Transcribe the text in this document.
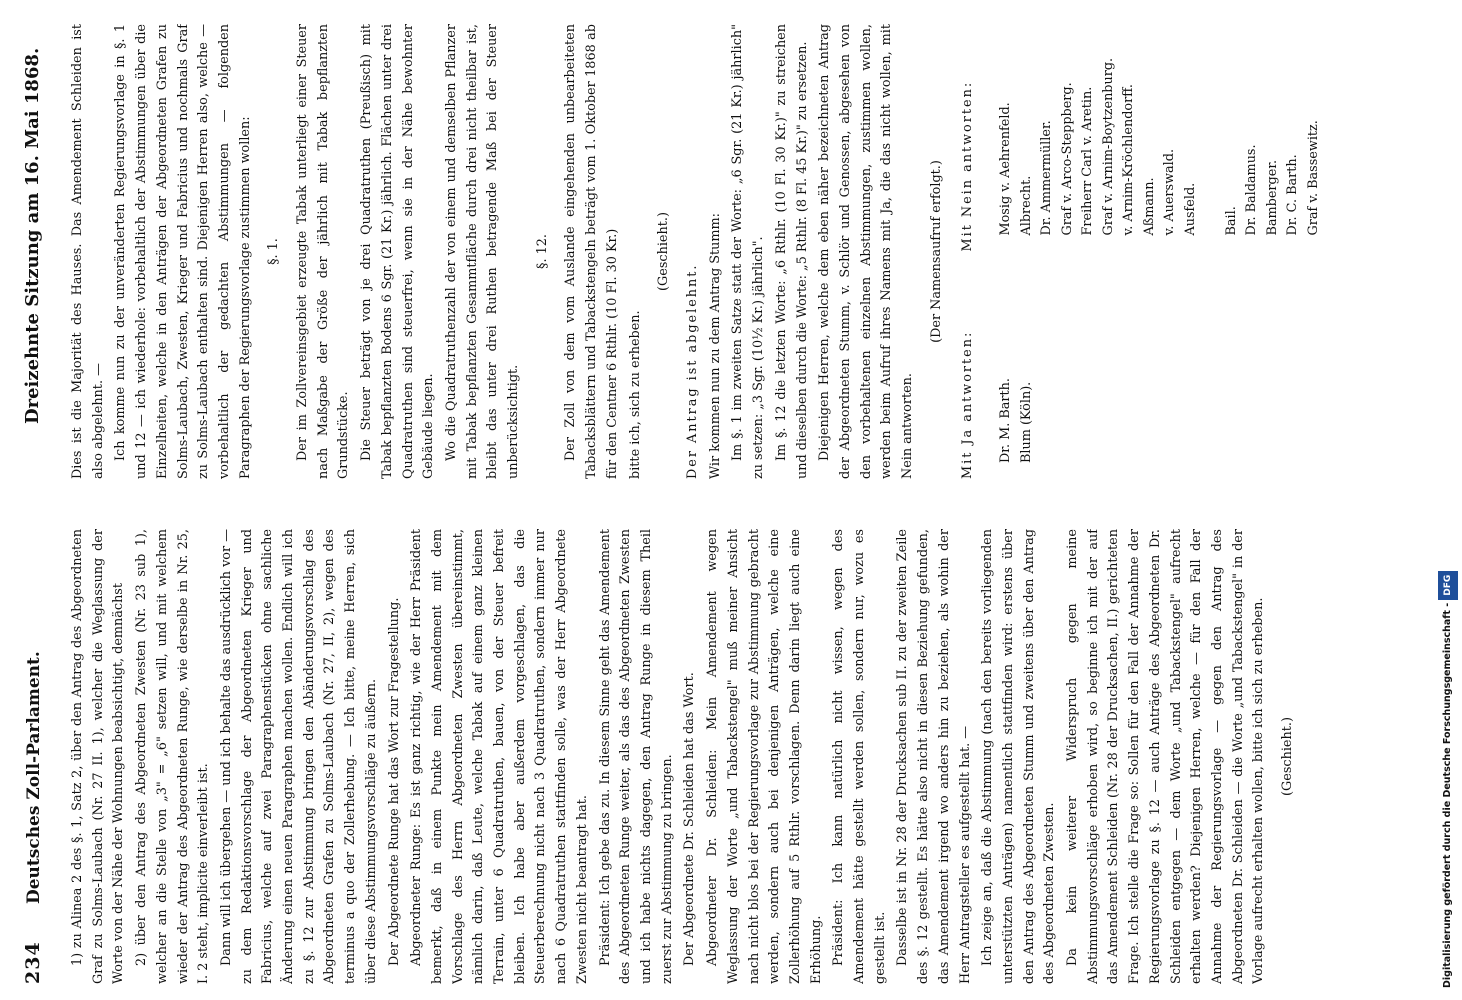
234
Deutsches Zoll-Parlament.
Dreizehnte Sitzung am 16. Mai 1868.

1) zu Alinea 2 des §. 1, Satz 2, über den Antrag des Abgeordneten Graf zu Solms-Laubach (Nr. 27 II. 1), welcher die Weglassung der Worte von der Nähe der Wohnungen beabsichtigt, demnächst 2) über den Antrag des Abgeordneten Zwesten (Nr. 23 sub 1), welcher an die Stelle von „3" = „6" setzen will, und mit welchem wieder der Antrag des Abgeordneten Runge, wie derselbe in Nr. 25, I. 2 steht, implicite einverleibt ist. Dann will ich übergehen — und ich behalte das ausdrücklich vor — zu dem Redaktionsvorschlage der Abgeordneten Krieger und Fabricius, welche auf zwei Paragraphenstücken ohne sachliche Änderung einen neuen Paragraphen machen wollen. Endlich will ich zu §. 12 zur Abstimmung bringen den Abänderungsvorschlag des Abgeordneten Grafen zu Solms-Laubach (Nr. 27, II, 2), wegen des terminus a quo der Zollerhebung. — Ich bitte, meine Herren, sich über diese Abstimmungsvorschläge zu äußern. Der Abgeordnete Runge hat das Wort zur Fragestellung. Abgeordneter Runge: Es ist ganz richtig, wie der Herr Präsident bemerkt, daß in einem Punkte mein Amendement mit dem Vorschlage des Herrn Abgeordneten Zwesten übereinstimmt, nämlich darin, daß Leute, welche Tabak auf einem ganz kleinen Terrain, unter 6 Quadratruthen, bauen, von der Steuer befreit bleiben. Ich habe aber außerdem vorgeschlagen, das die Steuerberechnung nicht nach 3 Quadratruthen, sondern immer nur nach 6 Quadratruthen stattfinden solle, was der Herr Abgeordnete Zwesten nicht beantragt hat. Präsident: Ich gebe das zu. In diesem Sinne geht das Amendement des Abgeordneten Runge weiter, als das des Abgeordneten Zwesten und ich habe nichts dagegen, den Antrag Runge in diesem Theil zuerst zur Abstimmung zu bringen. Der Abgeordnete Dr. Schleiden hat das Wort. Abgeordneter Dr. Schleiden: Mein Amendement wegen Weglassung der Worte „und Tabackstengel" muß meiner Ansicht nach nicht blos bei der Regierungsvorlage zur Abstimmung gebracht werden, sondern auch bei denjenigen Anträgen, welche eine Zollerhöhung auf 5 Rthlr. vorschlagen. Denn darin liegt auch eine Erhöhung. Präsident: Ich kann natürlich nicht wissen, wegen des Amendement hätte gestellt werden sollen, sondern nur, wozu es gestellt ist. Dasselbe ist in Nr. 28 der Drucksachen sub II. zu der zweiten Zeile des §. 12 gestellt. Es hätte also nicht in diesen Beziehung gefunden, das Amendement irgend wo anders hin zu beziehen, als wohin der Herr Antragsteller es aufgestellt hat. — Ich zeige an, daß die Abstimmung (nach den bereits vorliegenden unterstützten Anträgen) namentlich stattfinden wird: erstens über den Antrag des Abgeordneten Stumm und zweitens über den Antrag des Abgeordneten Zwesten. Da kein weiterer Widerspruch gegen meine Abstimmungsvorschläge erhoben wird, so beginne ich mit der auf das Amendement Schleiden (Nr. 28 der Drucksachen, II.) gerichteten Frage. Ich stelle die Frage so: Sollen für den Fall der Annahme der Regierungsvorlage zu §. 12 — auch Anträge des Abgeordneten Dr. Schleiden entgegen — dem Worte „und Tabackstengel" aufrecht erhalten werden? Diejenigen Herren, welche — für den Fall der Annahme der Regierungsvorlage — gegen den Antrag des Abgeordneten Dr. Schleiden — die Worte „und Tabackstengel" in der Vorlage aufrecht erhalten wollen, bitte ich sich zu erheben. (Geschieht.)

Dies ist die Majorität des Hauses. Das Amendement Schleiden ist also abgelehnt. — Ich komme nun zu der unveränderten Regierungsvorlage in §. 1 und 12 — ich wiederhole: vorbehaltlich der Abstimmungen über die Einzelheiten, welche in den Anträgen der Abgeordneten Grafen zu Solms-Laubach, Zwesten, Krieger und Fabricius und nochmals Graf zu Solms-Laubach enthalten sind. Diejenigen Herren also, welche — vorbehaltlich der gedachten Abstimmungen — folgenden Paragraphen der Regierungsvorlage zustimmen wollen: §. 1. Der im Zollvereinsgebiet erzeugte Tabak unterliegt einer Steuer nach Maßgabe der Größe der jährlich mit Tabak bepflanzten Grundstücke. Die Steuer beträgt von je drei Quadratruthen (Preußisch) mit Tabak bepflanzten Bodens 6 Sgr. (21 Kr.) jährlich. Flächen unter drei Quadratruthen sind steuerfrei, wenn sie in der Nähe bewohnter Gebäude liegen. Wo die Quadratruthenzahl der von einem und demselben Pflanzer mit Tabak bepflanzten Gesammtfläche durch drei nicht theilbar ist, bleibt das unter drei Ruthen betragende Maß bei der Steuer unberücksichtigt.

§. 12. Der Zoll von dem vom Auslande eingehenden unbearbeiteten Tabacksblättern und Tabackstengeln beträgt vom 1. Oktober 1868 ab für den Centner 6 Rthlr. (10 Fl. 30 Kr.) bitte ich, sich zu erheben.

(Geschieht.)

Der Antrag ist abgelehnt. Wir kommen nun zu dem Antrag Stumm: Im §. 1 im zweiten Satze statt der Worte: „6 Sgr. (21 Kr.) jährlich" zu setzen: „3 Sgr. (10½ Kr.) jährlich". Im §. 12 die letzten Worte: „6 Rthlr. (10 Fl. 30 Kr.)" zu streichen und dieselben durch die Worte: „5 Rthlr. (8 Fl. 45 Kr.)" zu ersetzen. Diejenigen Herren, welche dem eben näher bezeichneten Antrag der Abgeordneten Stumm, v. Schlör und Genossen, abgesehen von den vorbehaltenen einzelnen Abstimmungen, zustimmen wollen, werden beim Aufruf ihres Namens mit Ja, die das nicht wollen, mit Nein antworten.

(Der Namensaufruf erfolgt.)

Mit Ja antworten: Dr. M. Barth. Blum (Köln).
Mit Nein antworten: Mosig v. Aehrenfeld. Albrecht. Dr. Ammermüller. Graf v. Arco-Steppberg. Freiherr Carl v. Aretin. Graf v. Arnim-Boytzenburg. v. Arnim-Kröchlendorff. Aßmann. v. Auerswald. Ausfeld.
Bail. Dr. Baldamus. Bamberger. Dr. C. Barth. Graf v. Bassewitz.
Digitalisierung gefördert durch die Deutsche Forschungsgemeinschaft -DFG
